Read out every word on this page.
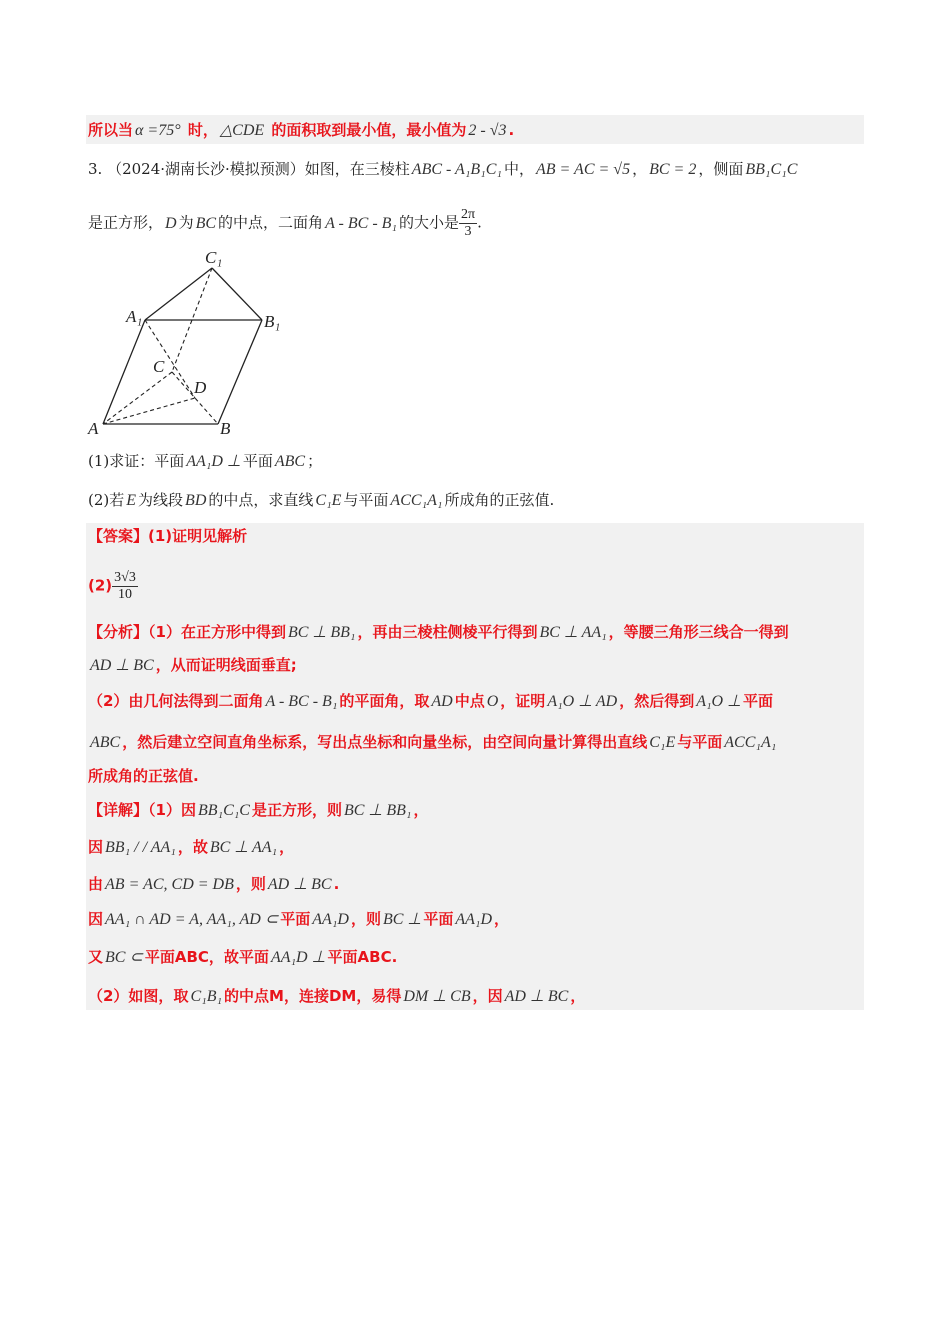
所以当 α =75° 时， △CDE 的面积取到最小值，最小值为 2 - √3 .
3. （2024·湖南长沙·模拟预测）如图，在三棱柱 ABC - A₁B₁C₁ 中， AB = AC = √5 ， BC = 2 ，侧面 BB₁C₁C
是正方形， D 为 BC 的中点，二面角 A - BC - B₁ 的大小是 $\frac{2\pi}{3}$ .
(1)求证：平面 AA₁D ⊥ 平面 ABC ；
(2)若 E 为线段 BD 的中点，求直线 C₁E 与平面 ACC₁A₁ 所成角的正弦值.
【答案】(1)证明见解析
$(2) \frac{3√3}{10}$
【分析】（1）在正方形中得到 BC ⊥ BB₁ ，再由三棱柱侧棱平行得到 BC ⊥ AA₁ ，等腰三角形三线合一得到
AD ⊥ BC ，从而证明线面垂直;
（2）由几何法得到二面角 A - BC - B₁ 的平面角，取 AD 中点 O ，证明 A₁O ⊥ AD ，然后得到 A₁O ⊥ 平面
ABC ，然后建立空间直角坐标系，写出点坐标和向量坐标，由空间向量计算得出直线 C₁E 与平面 ACC₁A₁
所成角的正弦值.
【详解】（1）因 BB₁C₁C 是正方形，则 BC ⊥ BB₁ ，
因 BB₁ / / AA₁ ，故 BC ⊥ AA₁ ，
由 AB = AC, CD = DB ，则 AD ⊥ BC .
因 AA₁ ∩ AD = A, AA₁, AD ⊂ 平面 AA₁D ，则 BC ⊥ 平面 AA₁D ，
又 BC ⊂ 平面ABC，故平面 AA₁D ⊥ 平面ABC.
（2）如图，取 C₁B₁ 的中点M，连接DM，易得 DM ⊥ CB ，因 AD ⊥ BC ，
C₁
A₁	B₁
C
D
A	B
